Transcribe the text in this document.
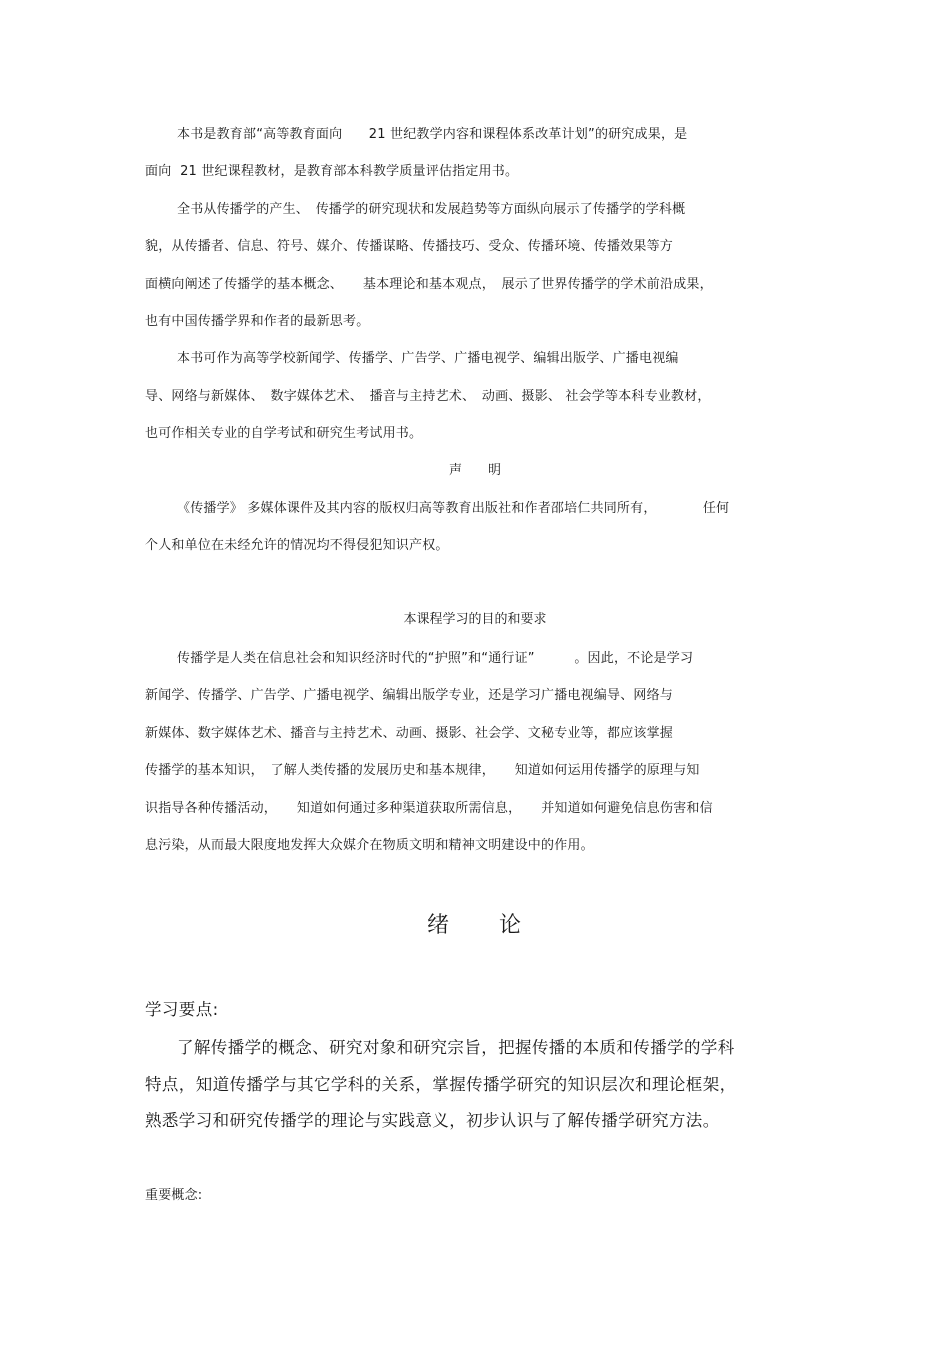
本书是教育部“高等教育面向　　21 世纪教学内容和课程体系改革计划”的研究成果，是
面向  21 世纪课程教材，是教育部本科教学质量评估指定用书。
全书从传播学的产生、　传播学的研究现状和发展趋势等方面纵向展示了传播学的学科概
貌，从传播者、信息、符号、媒介、传播谋略、传播技巧、受众、传播环境、传播效果等方
面横向阐述了传播学的基本概念、　　基本理论和基本观点，　展示了世界传播学的学术前沿成果，
也有中国传播学界和作者的最新思考。
本书可作为高等学校新闻学、传播学、广告学、广播电视学、编辑出版学、广播电视编
导、网络与新媒体、　数字媒体艺术、　播音与主持艺术、　动画、摄影、 社会学等本科专业教材，
也可作相关专业的自学考试和研究生考试用书。
声　　明
《传播学》 多媒体课件及其内容的版权归高等教育出版社和作者邵培仁共同所有，　　　　任何
个人和单位在未经允许的情况均不得侵犯知识产权。
本课程学习的目的和要求
传播学是人类在信息社会和知识经济时代的“护照”和“通行证”　　　。因此，不论是学习
新闻学、传播学、广告学、广播电视学、编辑出版学专业，还是学习广播电视编导、网络与
新媒体、数字媒体艺术、播音与主持艺术、动画、摄影、社会学、文秘专业等，都应该掌握
传播学的基本知识，　了解人类传播的发展历史和基本规律，　　知道如何运用传播学的原理与知
识指导各种传播活动，　　知道如何通过多种渠道获取所需信息，　　并知道如何避免信息伤害和信
息污染，从而最大限度地发挥大众媒介在物质文明和精神文明建设中的作用。
绪　　论
学习要点:
了解传播学的概念、研究对象和研究宗旨，把握传播的本质和传播学的学科
特点，知道传播学与其它学科的关系，掌握传播学研究的知识层次和理论框架，
熟悉学习和研究传播学的理论与实践意义，初步认识与了解传播学研究方法。
重要概念:
